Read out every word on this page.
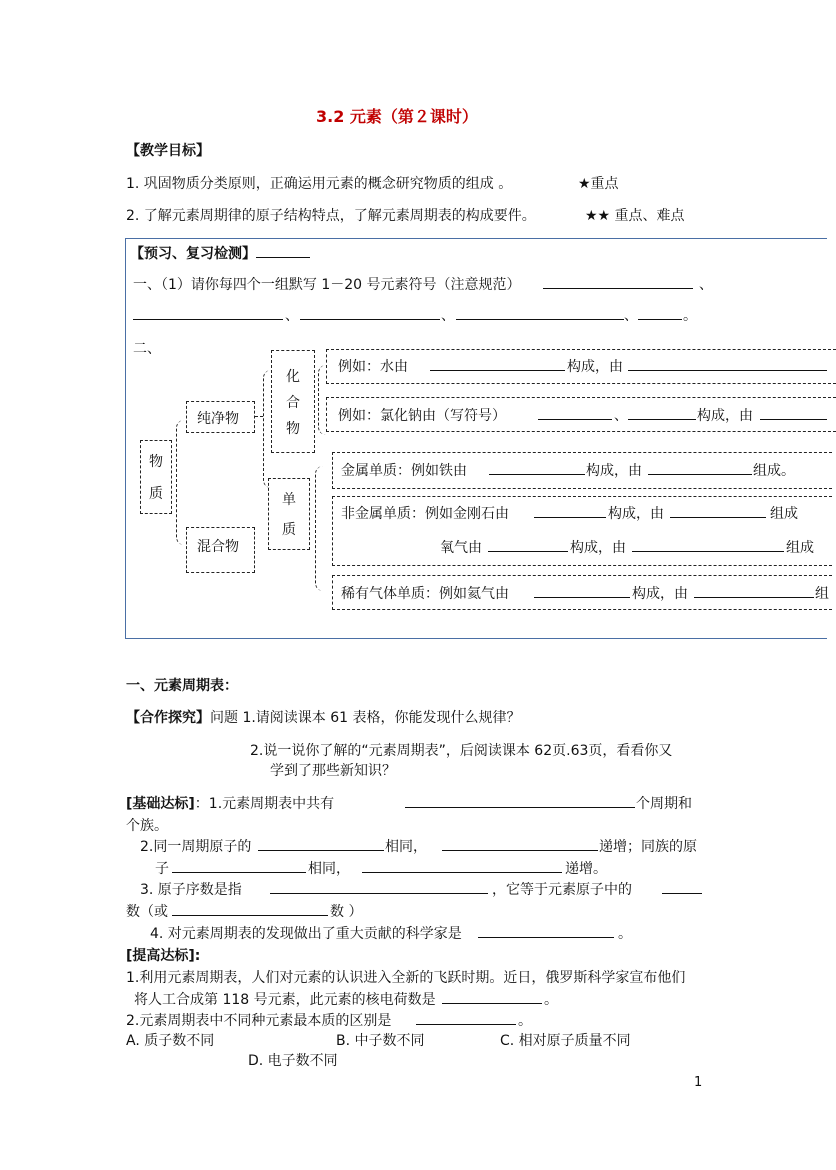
3.2 元素（第２课时）
【教学目标】
1. 巩固物质分类原则，正确运用元素的概念研究物质的组成 。	★重点
2. 了解元素周期律的原子结构特点，了解元素周期表的构成要件。	★★ 重点、难点
【预习、复习检测】
一、（1）请你每四个一组默写 1－20 号元素符号（注意规范）	、
、	、	、	。
二、
物
质
纯净物
混合物
化
合
物
单
质
例如：水由	构成，由
例如：氯化钠由（写符号）	、	构成，由
金属单质：例如铁由	构成，由	组成。
非金属单质：例如金刚石由	构成，由	组成
氧气由	构成，由	组成
稀有气体单质：例如氦气由	构成，由	组
一、元素周期表：
【合作探究】问题 1.请阅读课本 61 表格，你能发现什么规律？
2.说一说你了解的“元素周期表”，后阅读课本 62页.63页，看看你又
学到了那些新知识？
[基础达标]：1.元素周期表中共有	个周期和
个族。
2.同一周期原子的	相同，	递增；同族的原
子	相同，	递增。
3. 原子序数是指	，它等于元素原子中的
数（或	数 ）
4. 对元素周期表的发现做出了重大贡献的科学家是	。
[提高达标]:
1.利用元素周期表，人们对元素的认识进入全新的飞跃时期。近日，俄罗斯科学家宣布他们
将人工合成第 118 号元素，此元素的核电荷数是	。
2.元素周期表中不同种元素最本质的区别是	。
A. 质子数不同	B. 中子数不同	C. 相对原子质量不同
D. 电子数不同
1
